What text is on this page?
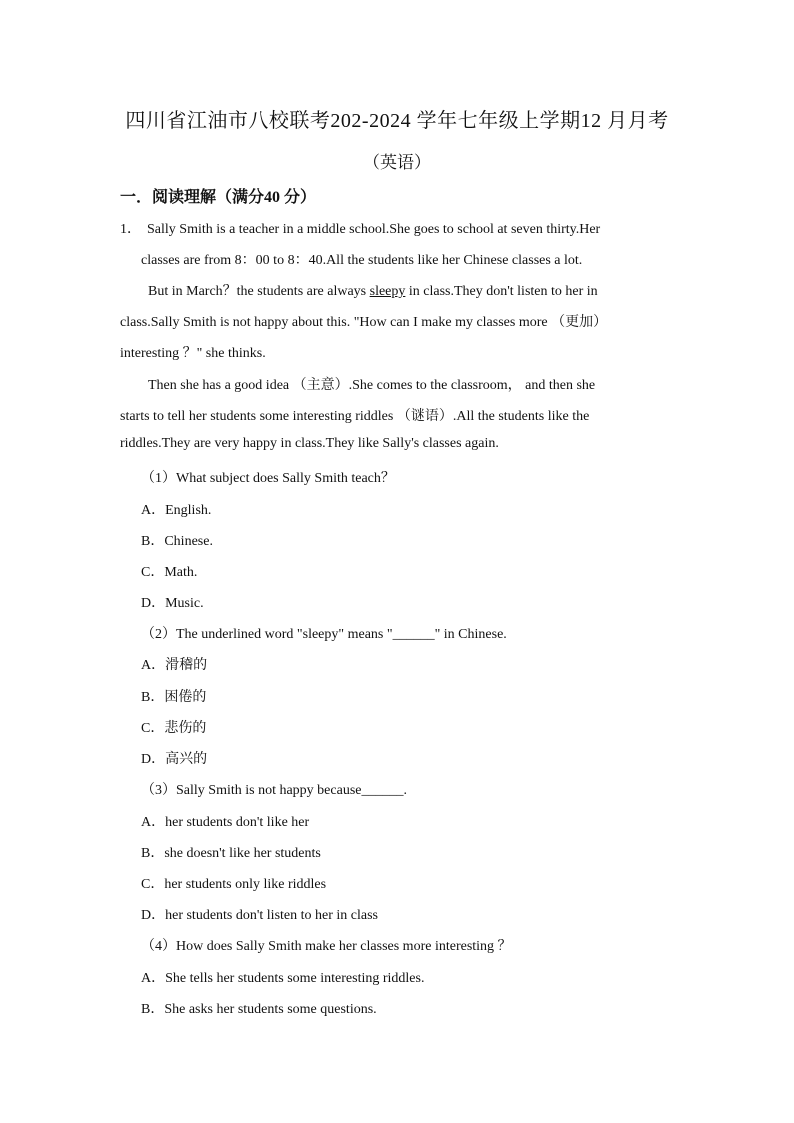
四川省江油市八校联考202-2024 学年七年级上学期12 月月考
（英语）
一．阅读理解（满分40 分）
1． Sally Smith is a teacher in a middle school.She goes to school at seven thirty.Her
classes are from 8：00 to 8：40.All the students like her Chinese classes a lot.
But in March？the students are always sleepy in class.They don't listen to her in
class.Sally Smith is not happy about this. "How can I make my classes more （更加）
interesting ？" she thinks.
Then she has a good idea （主意）.She comes to the classroom， and then she
starts to tell her students some interesting riddles （谜语）.All the students like the
riddles.They are very happy in class.They like Sally's classes again.
（1）What subject does Sally Smith teach？
A．English.
B．Chinese.
C．Math.
D．Music.
（2）The underlined word "sleepy" means "______" in Chinese.
A．滑稽的
B．困倦的
C．悲伤的
D．高兴的
（3）Sally Smith is not happy because______.
A．her students don't like her
B．she doesn't like her students
C．her students only like riddles
D．her students don't listen to her in class
（4）How does Sally Smith make her classes more interesting ？
A．She tells her students some interesting riddles.
B．She asks her students some questions.
